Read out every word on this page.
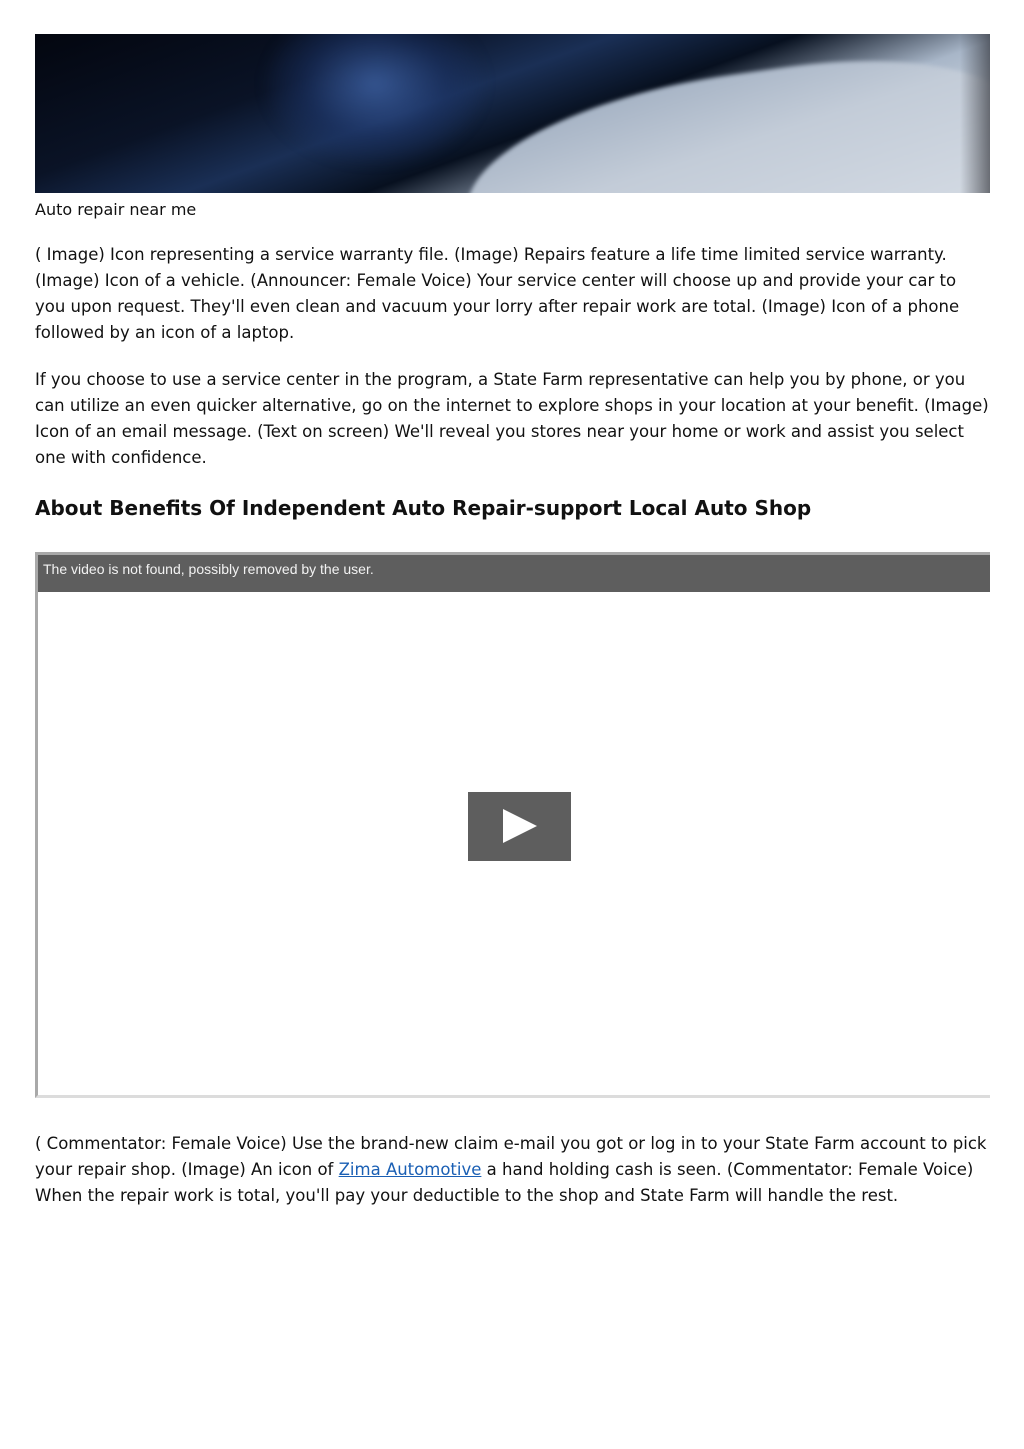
Auto repair near me

( Image) Icon representing a service warranty file. (Image) Repairs feature a life time limited service warranty. (Image) Icon of a vehicle. (Announcer: Female Voice) Your service center will choose up and provide your car to you upon request. They'll even clean and vacuum your lorry after repair work are total. (Image) Icon of a phone followed by an icon of a laptop.

If you choose to use a service center in the program, a State Farm representative can help you by phone, or you can utilize an even quicker alternative, go on the internet to explore shops in your location at your benefit. (Image) Icon of an email message. (Text on screen) We'll reveal you stores near your home or work and assist you select one with confidence.

About Benefits Of Independent Auto Repair-support Local Auto Shop
The video is not found, possibly removed by the user.

( Commentator: Female Voice) Use the brand-new claim e-mail you got or log in to your State Farm account to pick your repair shop. (Image) An icon of Zima Automotive a hand holding cash is seen. (Commentator: Female Voice) When the repair work is total, you'll pay your deductible to the shop and State Farm will handle the rest.
